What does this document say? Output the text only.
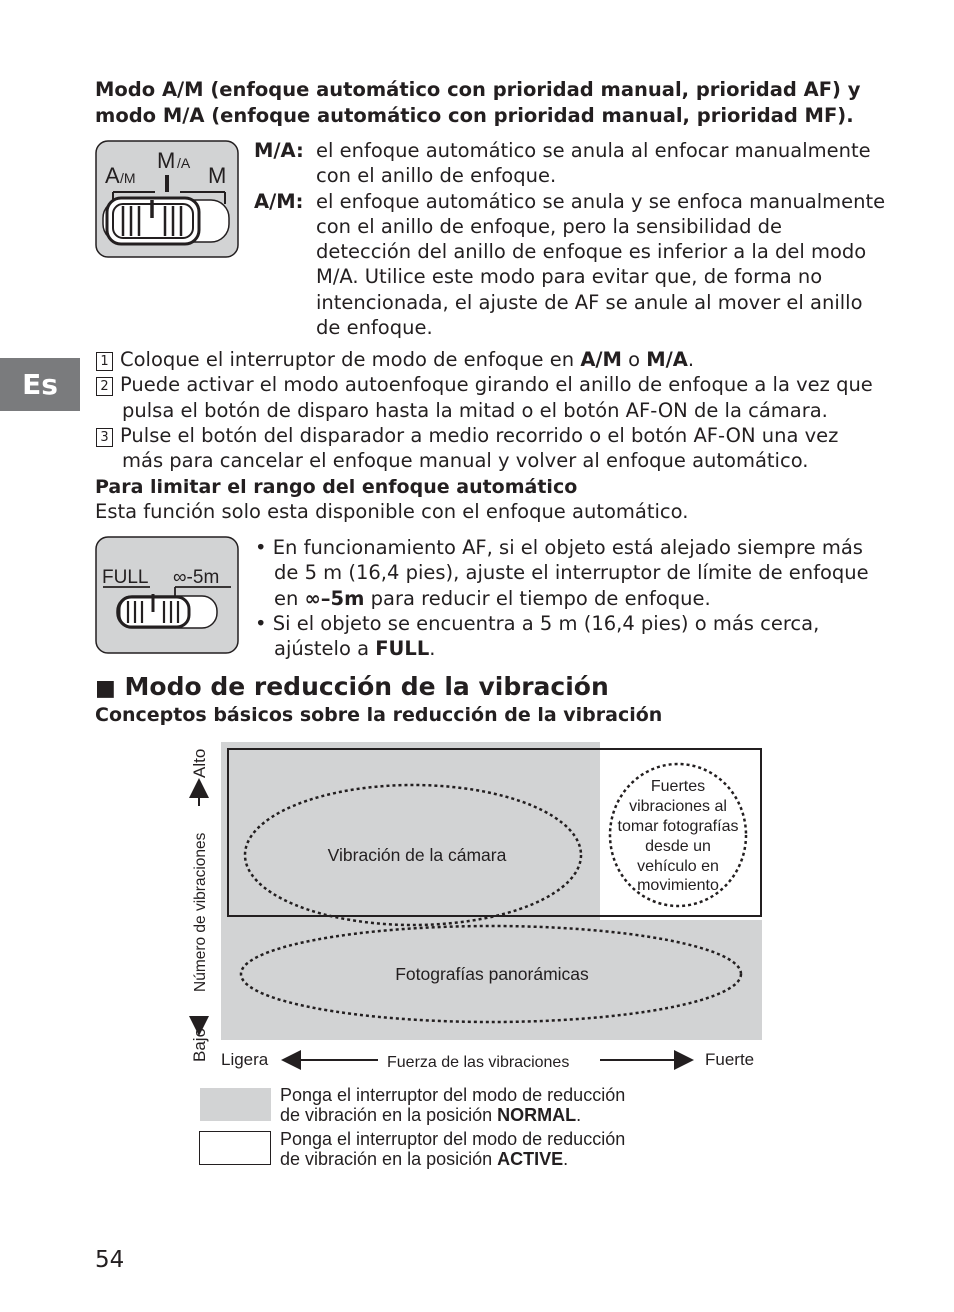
Es
Modo A/M (enfoque automático con prioridad manual, prioridad AF) y
modo M/A (enfoque automático con prioridad manual, prioridad MF).
A /M
M /A M
M/A: el enfoque automático se anula al enfocar manualmente
con el anillo de enfoque.
A/M: el enfoque automático se anula y se enfoca manualmente
con el anillo de enfoque, pero la sensibilidad de
detección del anillo de enfoque es inferior a la del modo
M/A. Utilice este modo para evitar que, de forma no
intencionada, el ajuste de AF se anule al mover el anillo
de enfoque.
1 Coloque el interruptor de modo de enfoque en A/M o M/A.
2 Puede activar el modo autoenfoque girando el anillo de enfoque a la vez que
pulsa el botón de disparo hasta la mitad o el botón AF-ON de la cámara.
3 Pulse el botón del disparador a medio recorrido o el botón AF-ON una vez
más para cancelar el enfoque manual y volver al enfoque automático.
Para limitar el rango del enfoque automático
Esta función solo esta disponible con el enfoque automático.
FULL ∞-5m
• En funcionamiento AF, si el objeto está alejado siempre más
de 5 m (16,4 pies), ajuste el interruptor de límite de enfoque
en ∞–5m para reducir el tiempo de enfoque.
• Si el objeto se encuentra a 5 m (16,4 pies) o más cerca,
ajústelo a FULL.
■ Modo de reducción de la vibración
Conceptos básicos sobre la reducción de la vibración
Vibración de la cámara
Fuertes
vibraciones al
tomar fotografías
desde un
vehículo en
movimiento
Fotografías panorámicas
Bajo
Número de vibraciones
Alto
Ligera	Fuerza de las vibraciones	Fuerte
Ponga el interruptor del modo de reducción
de vibración en la posición NORMAL.
Ponga el interruptor del modo de reducción
de vibración en la posición ACTIVE.
54
